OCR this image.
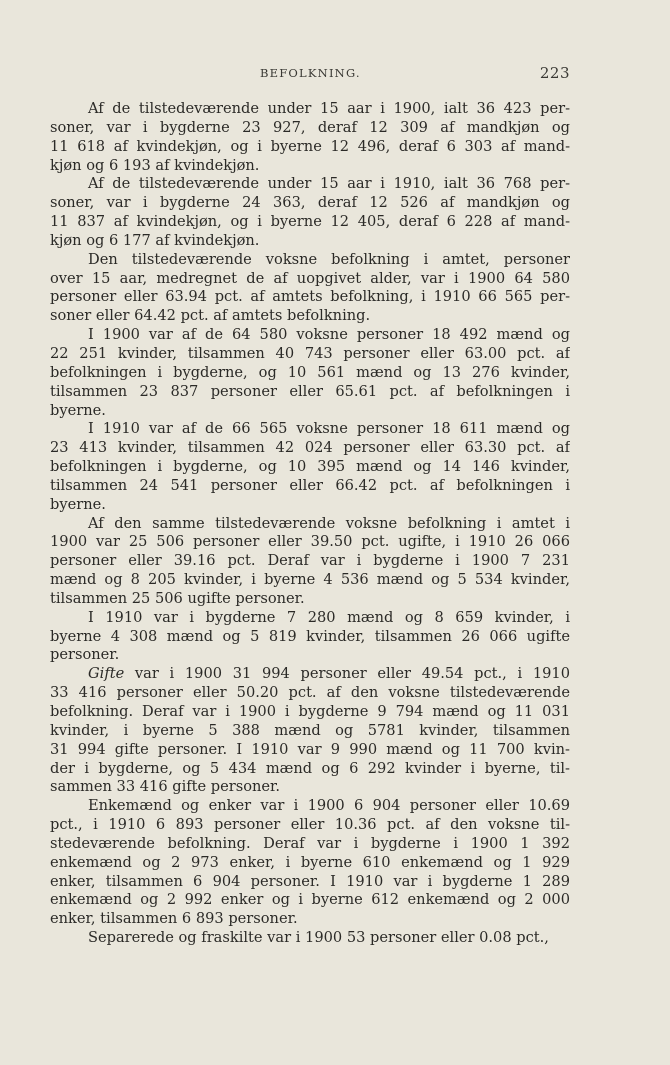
BEFOLKNING.	223
Af de tilstedeværende under 15 aar i 1900, ialt 36 423 per-
soner, var i bygderne 23 927, deraf 12 309 af mandkjøn og
11 618 af kvindekjøn, og i byerne 12 496, deraf 6 303 af mand-
kjøn og 6 193 af kvindekjøn.
Af de tilstedeværende under 15 aar i 1910, ialt 36 768 per-
soner, var i bygderne 24 363, deraf 12 526 af mandkjøn og
11 837 af kvindekjøn, og i byerne 12 405, deraf 6 228 af mand-
kjøn og 6 177 af kvindekjøn.
Den tilstedeværende voksne befolkning i amtet, personer
over 15 aar, medregnet de af uopgivet alder, var i 1900 64 580
personer eller 63.94 pct. af amtets befolkning, i 1910 66 565 per-
soner eller 64.42 pct. af amtets befolkning.
I 1900 var af de 64 580 voksne personer 18 492 mænd og
22 251 kvinder, tilsammen 40 743 personer eller 63.00 pct. af
befolkningen i bygderne, og 10 561 mænd og 13 276 kvinder,
tilsammen 23 837 personer eller 65.61 pct. af befolkningen i
byerne.
I 1910 var af de 66 565 voksne personer 18 611 mænd og
23 413 kvinder, tilsammen 42 024 personer eller 63.30 pct. af
befolkningen i bygderne, og 10 395 mænd og 14 146 kvinder,
tilsammen 24 541 personer eller 66.42 pct. af befolkningen i
byerne.
Af den samme tilstedeværende voksne befolkning i amtet i
1900 var 25 506 personer eller 39.50 pct. ugifte, i 1910 26 066
personer eller 39.16 pct. Deraf var i bygderne i 1900 7 231
mænd og 8 205 kvinder, i byerne 4 536 mænd og 5 534 kvinder,
tilsammen 25 506 ugifte personer.
I 1910 var i bygderne 7 280 mænd og 8 659 kvinder, i
byerne 4 308 mænd og 5 819 kvinder, tilsammen 26 066 ugifte
personer.
Gifte var i 1900 31 994 personer eller 49.54 pct., i 1910
33 416 personer eller 50.20 pct. af den voksne tilstedeværende
befolkning. Deraf var i 1900 i bygderne 9 794 mænd og 11 031
kvinder, i byerne 5 388 mænd og 5781 kvinder, tilsammen
31 994 gifte personer. I 1910 var 9 990 mænd og 11 700 kvin-
der i bygderne, og 5 434 mænd og 6 292 kvinder i byerne, til-
sammen 33 416 gifte personer.
Enkemænd og enker var i 1900 6 904 personer eller 10.69
pct., i 1910 6 893 personer eller 10.36 pct. af den voksne til-
stedeværende befolkning. Deraf var i bygderne i 1900 1 392
enkemænd og 2 973 enker, i byerne 610 enkemænd og 1 929
enker, tilsammen 6 904 personer. I 1910 var i bygderne 1 289
enkemænd og 2 992 enker og i byerne 612 enkemænd og 2 000
enker, tilsammen 6 893 personer.
Separerede og fraskilte var i 1900 53 personer eller 0.08 pct.,
